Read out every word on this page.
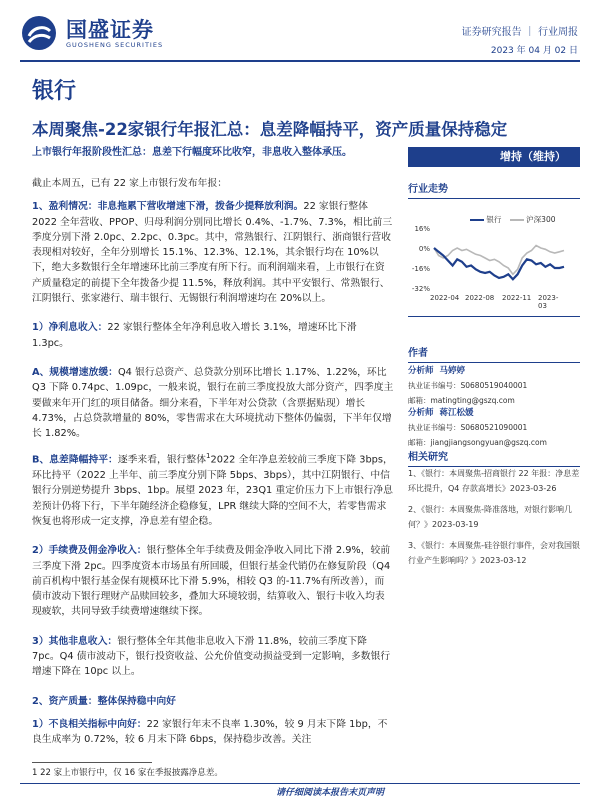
国盛证券
GUOSHENG SECURITIES
证券研究报告 ｜ 行业周报
2023 年 04 月 02 日
银行
本周聚焦-22家银行年报汇总：息差降幅持平，资产质量保持稳定
上市银行年报阶段性汇总：息差下行幅度环比收窄，非息收入整体承压。	增持（维持）

截止本周五，已有 22 家上市银行发布年报：

1、盈利情况：非息拖累下营收增速下滑，拨备少提释放利润。22 家银行整体 2022 全年营收、PPOP、归母利润分别同比增长 0.4%、-1.7%、7.3%，相比前三季度分别下滑 2.0pc、2.2pc、0.3pc。其中，常熟银行、江阴银行、浙商银行营收表现相对较好，全年分别增长 15.1%、12.3%、12.1%，其余银行均在 10%以下，绝大多数银行全年增速环比前三季度有所下行。而利润端来看，上市银行在资产质量稳定的前提下全年拨备少提 11.5%，释放利润。其中平安银行、常熟银行、江阴银行、张家港行、瑞丰银行、无锡银行利润增速均在 20%以上。

1）净利息收入：22 家银行整体全年净利息收入增长 3.1%，增速环比下滑 1.3pc。

A、规模增速放缓：Q4 银行总资产、总贷款分别环比增长 1.17%、1.22%，环比 Q3 下降 0.74pc、1.09pc，一般来说，银行在前三季度投放大部分资产，四季度主要做来年开门红的项目储备。细分来看，下半年对公贷款（含票据贴现）增长 4.73%，占总贷款增量的 80%，零售需求在大环境扰动下整体仍偏弱，下半年仅增长 1.82%。

B、息差降幅持平：逐季来看，银行整体$^1$2022 全年净息差较前三季度下降 3bps，环比持平（2022 上半年、前三季度分别下降 5bps、3bps），其中江阴银行、中信银行分别逆势提升 3bps、1bp。展望 2023 年，23Q1 重定价压力下上市银行净息差预计仍将下行，下半年随经济企稳修复，LPR 继续大降的空间不大，若零售需求恢复也将形成一定支撑，净息差有望企稳。

2）手续费及佣金净收入：银行整体全年手续费及佣金净收入同比下滑 2.9%，较前三季度下滑 2pc。四季度资本市场虽有所回暖，但银行基金代销仍在修复阶段（Q4 前百机构中银行基金保有规模环比下滑 5.9%，相较 Q3 的-11.7%有所改善），而债市波动下银行理财产品赎回较多，叠加大环境较弱，结算收入、银行卡收入均表现疲软，共同导致手续费增速继续下探。

3）其他非息收入：银行整体全年其他非息收入下滑 11.8%，较前三季度下降 7pc。Q4 债市波动下，银行投资收益、公允价值变动损益受到一定影响，多数银行增速下降在 10pc 以上。

2、资产质量：整体保持稳中向好

1）不良相关指标中向好：22 家银行年末不良率 1.30%，较 9 月末下降 1bp，不良生成率为 0.72%，较 6 月末下降 6bps，保持稳步改善。关注

行业走势
银行	沪深300
16%
0%
-16%
-32%
2022-04 2022-08 2022-11 2023-03
作者
分析师 马婷婷
执业证书编号：S0680519040001
邮箱：matingting@gszq.com
分析师 蒋江松媛
执业证书编号：S0680521090001
邮箱：jiangjiangsongyuan@gszq.com
相关研究
1、《银行：本周聚焦-招商银行 22 年报：净息差环比提升，Q4 存款高增长》2023-03-26
2、《银行：本周聚焦-降准落地，对银行影响几何？》2023-03-19
3、《银行：本周聚焦-硅谷银行事件，会对我国银行业产生影响吗？》2023-03-12
1 22 家上市银行中，仅 16 家在季报披露净息差。
请仔细阅读本报告末页声明
